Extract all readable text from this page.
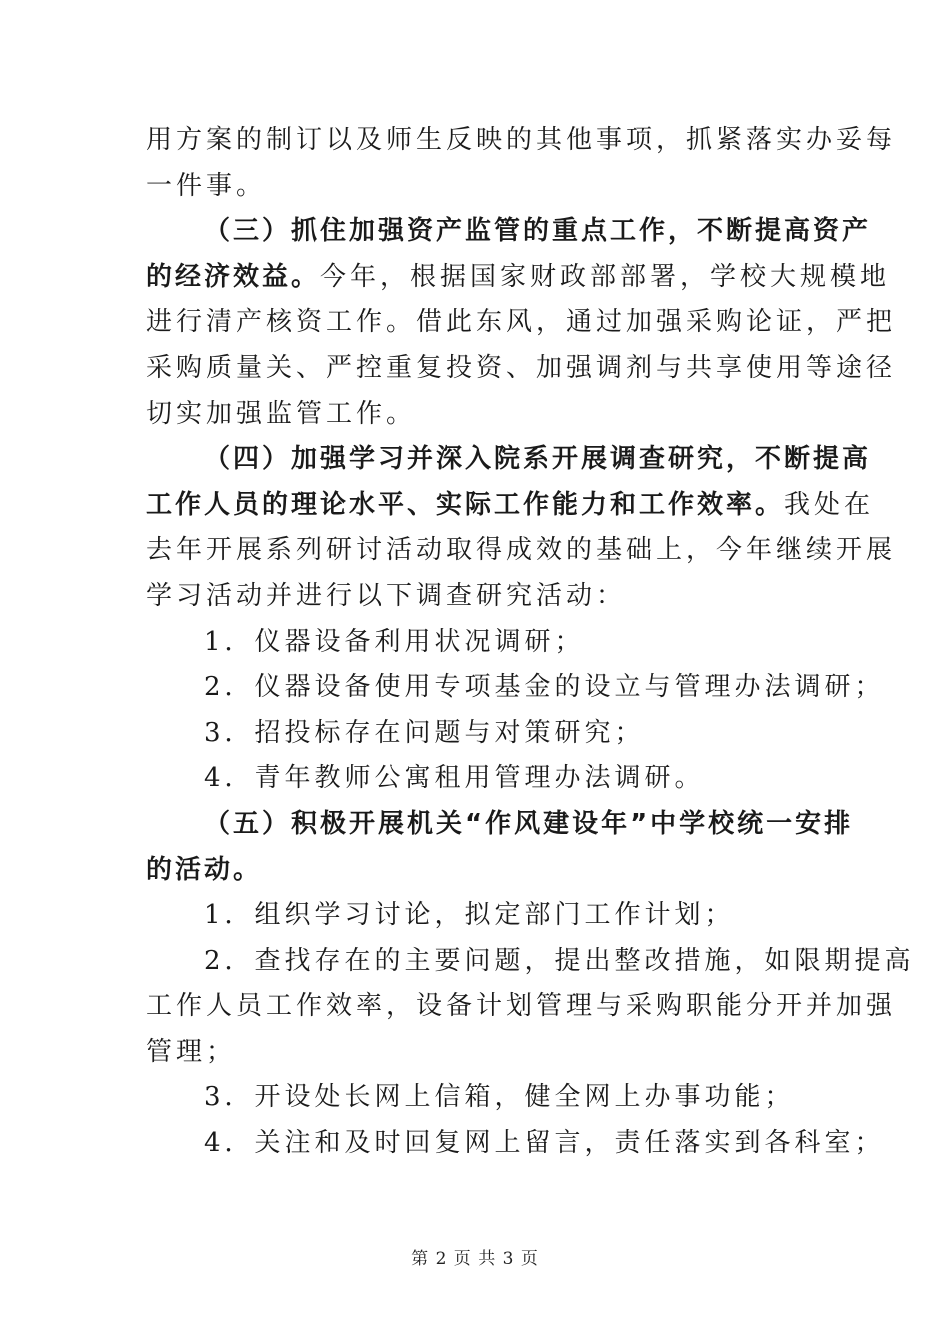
用方案的制订以及师生反映的其他事项，抓紧落实办妥每
一件事。
（三）抓住加强资产监管的重点工作，不断提高资产
的经济效益。今年，根据国家财政部部署，学校大规模地
进行清产核资工作。借此东风，通过加强采购论证，严把
采购质量关、严控重复投资、加强调剂与共享使用等途径
切实加强监管工作。
（四）加强学习并深入院系开展调查研究，不断提高
工作人员的理论水平、实际工作能力和工作效率。我处在
去年开展系列研讨活动取得成效的基础上，今年继续开展
学习活动并进行以下调查研究活动：
1．仪器设备利用状况调研；
2．仪器设备使用专项基金的设立与管理办法调研；
3．招投标存在问题与对策研究；
4．青年教师公寓租用管理办法调研。
（五）积极开展机关“作风建设年”中学校统一安排
的活动。
1．组织学习讨论，拟定部门工作计划；
2．查找存在的主要问题，提出整改措施，如限期提高
工作人员工作效率，设备计划管理与采购职能分开并加强
管理；
3．开设处长网上信箱，健全网上办事功能；
4．关注和及时回复网上留言，责任落实到各科室；
第 2 页 共 3 页
